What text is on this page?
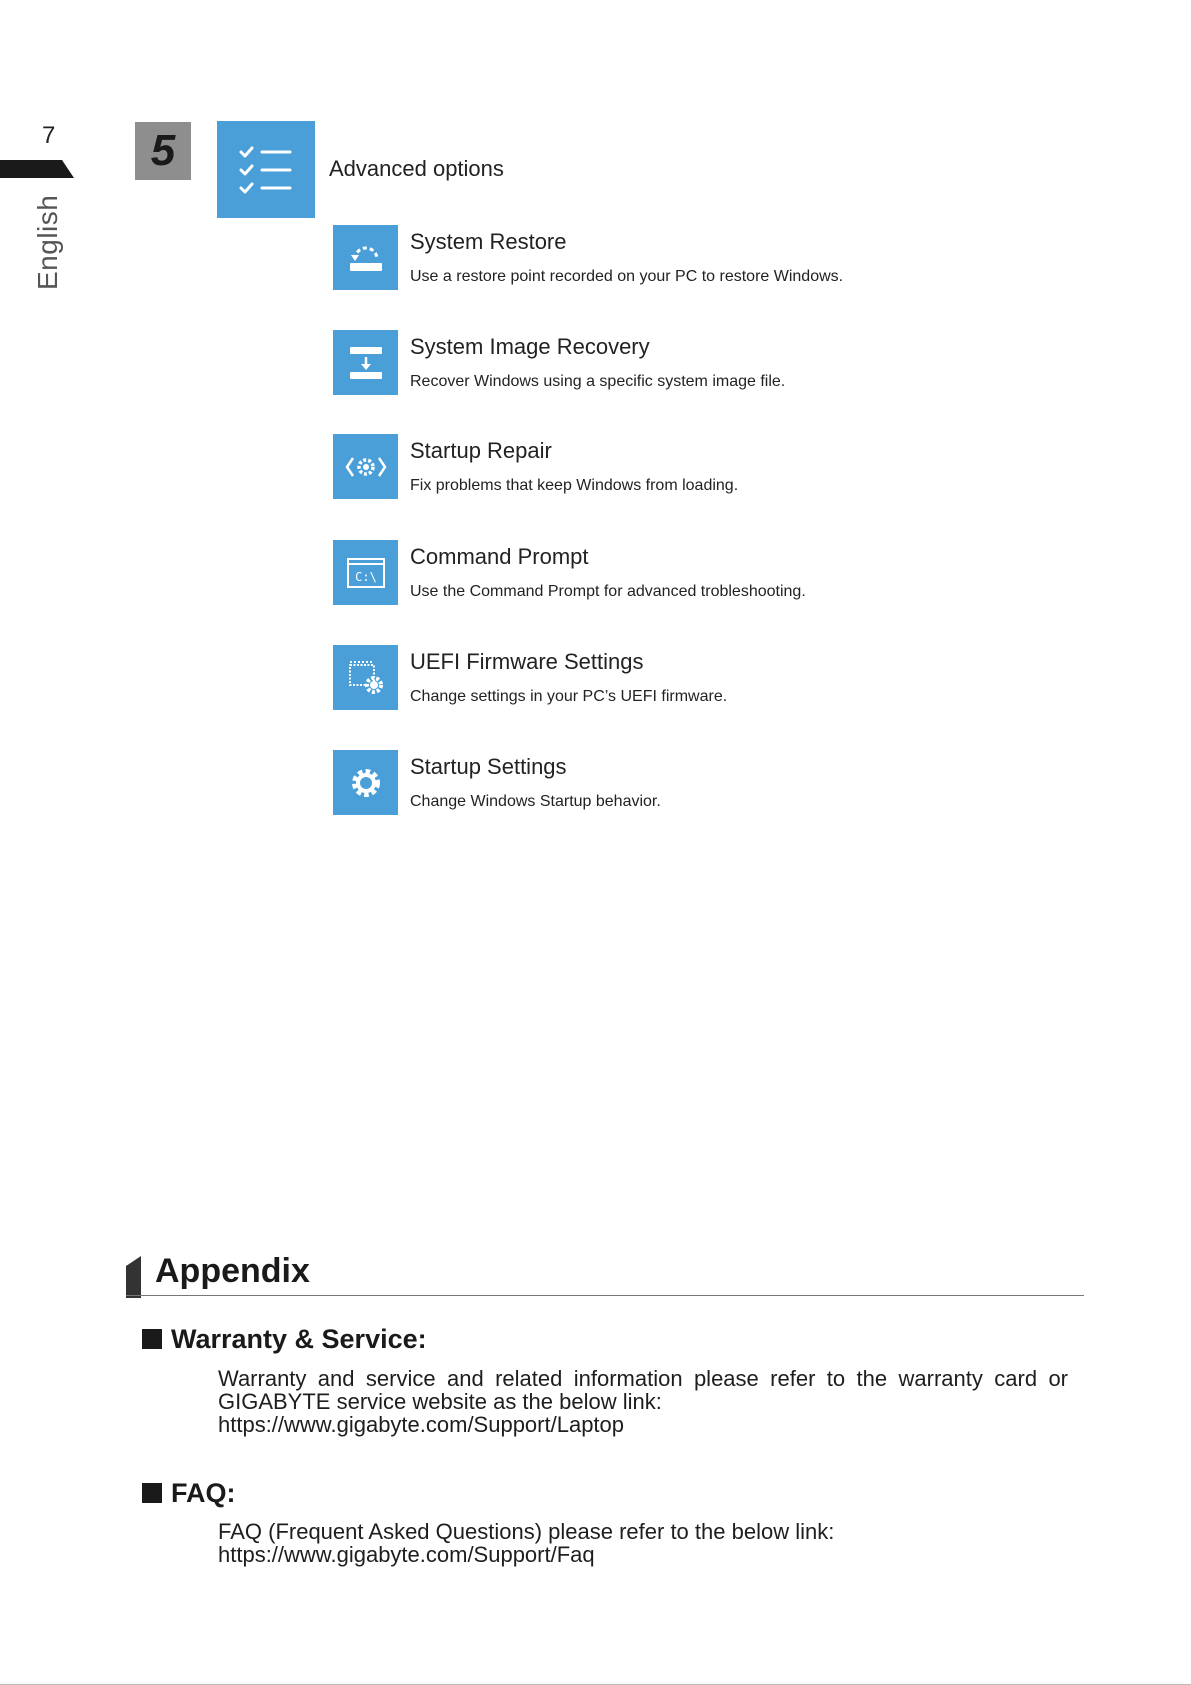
7
English
5	Advanced options
System Restore
Use a restore point recorded on your PC to restore Windows.
System Image Recovery
Recover Windows using a specific system image file.
Startup Repair
Fix problems that keep Windows from loading.
C:\
Command Prompt
Use the Command Prompt for advanced trobleshooting.
UEFI Firmware Settings
Change settings in your PC’s UEFI firmware.
Startup Settings
Change Windows Startup behavior.
Appendix
Warranty & Service:
Warranty and service and related information please refer to the warranty card or GIGABYTE service website as the below link:
https://www.gigabyte.com/Support/Laptop
FAQ:
FAQ (Frequent Asked Questions) please refer to the below link:
https://www.gigabyte.com/Support/Faq
